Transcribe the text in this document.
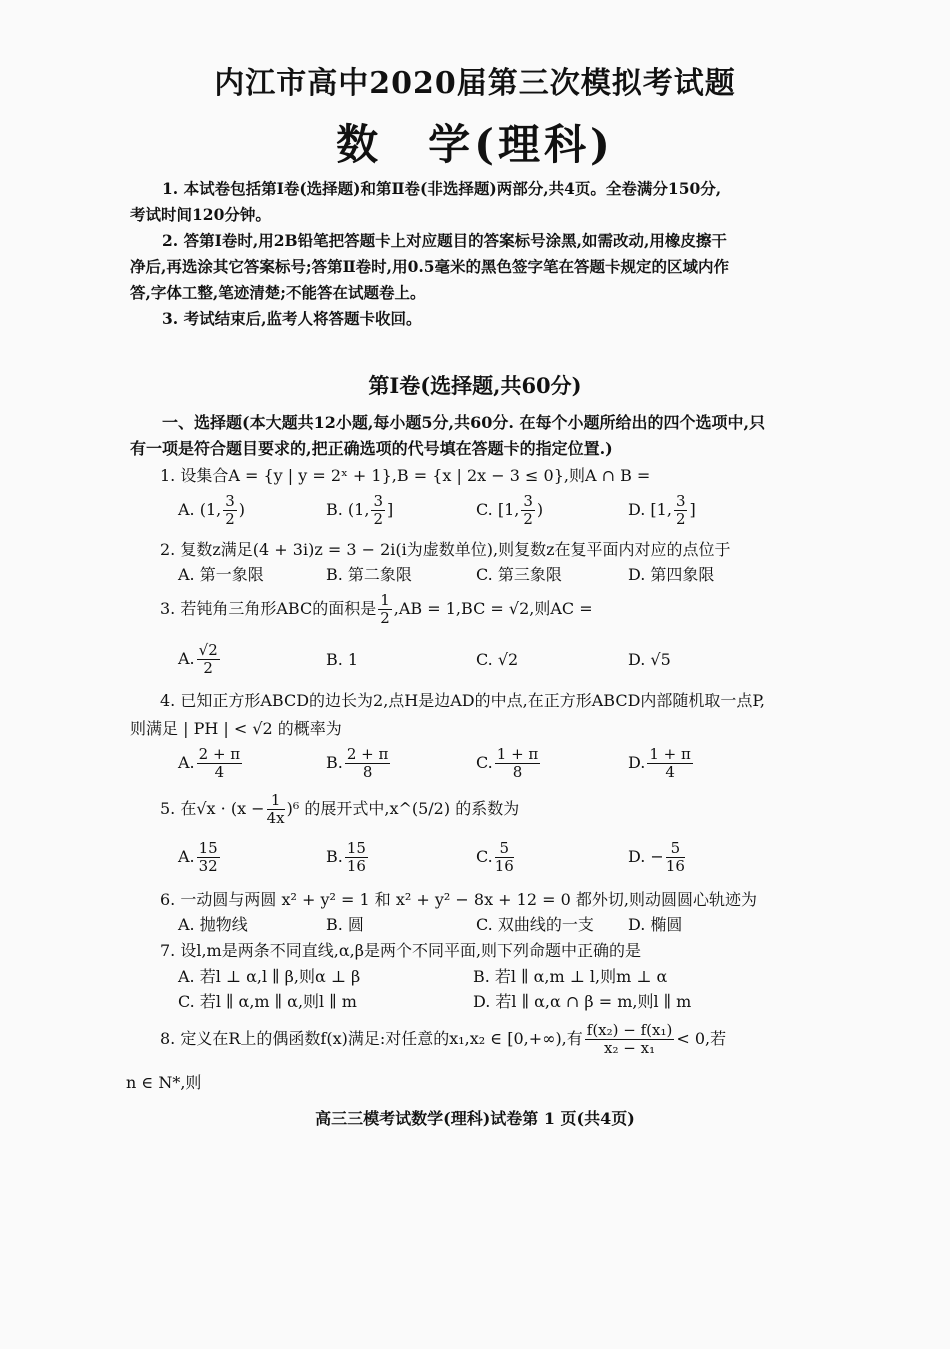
内江市高中2020届第三次模拟考试题
数　学(理科)
1. 本试卷包括第Ⅰ卷(选择题)和第Ⅱ卷(非选择题)两部分,共4页。全卷满分150分,
考试时间120分钟。
2. 答第Ⅰ卷时,用2B铅笔把答题卡上对应题目的答案标号涂黑,如需改动,用橡皮擦干
净后,再选涂其它答案标号;答第Ⅱ卷时,用0.5毫米的黑色签字笔在答题卡规定的区域内作
答,字体工整,笔迹清楚;不能答在试题卷上。
3. 考试结束后,监考人将答题卡收回。
第Ⅰ卷(选择题,共60分)
一、选择题(本大题共12小题,每小题5分,共60分. 在每个小题所给出的四个选项中,只
有一项是符合题目要求的,把正确选项的代号填在答题卡的指定位置.)
1. 设集合A = {y | y = 2ˣ + 1},B = {x | 2x − 3 ≤ 0},则A ∩ B =
A. (1, $\frac{3}{2}$ )	B. (1, $\frac{3}{2}$ ]	C. [1, $\frac{3}{2}$ )	D. [1, $\frac{3}{2}$ ]
2. 复数z满足(4 + 3i)z = 3 − 2i(i为虚数单位),则复数z在复平面内对应的点位于
A. 第一象限	B. 第二象限	C. 第三象限	D. 第四象限
3. 若钝角三角形ABC的面积是 $\frac{1}{2} ,AB = 1,BC = √2$,则AC =
A. $\frac{√2}{2}$	B. 1	C. √2	D. √5
4. 已知正方形ABCD的边长为2,点H是边AD的中点,在正方形ABCD内部随机取一点P,
则满足 | PH | < √2 的概率为
A. $\frac{2 + \pi}{4}$	B. $\frac{2 + \pi}{8}$	C. $\frac{1 + \pi}{8}$	D. $\frac{1 + \pi}{4}$
5. 在$√x \cdot (x - \frac{1}{4x} )^6$ 的展开式中,x^(5/2) 的系数为
A. $\frac{15}{32}$	B. $\frac{15}{16}$	C. $\frac{5}{16}$	D. − $\frac{5}{16}$
6. 一动圆与两圆 x² + y² = 1 和 x² + y² − 8x + 12 = 0 都外切,则动圆圆心轨迹为
A. 抛物线	B. 圆	C. 双曲线的一支 D. 椭圆
7. 设l,m是两条不同直线,α,β是两个不同平面,则下列命题中正确的是
A. 若l ⊥ α,l ∥ β,则α ⊥ β	B. 若l ∥ α,m ⊥ l,则m ⊥ α
C. 若l ∥ α,m ∥ α,则l ∥ m	D. 若l ∥ α,α ∩ β = m,则l ∥ m
8. 定义在R上的偶函数f(x)满足:对任意的x₁,x₂ ∈ [0,+∞),有 $\frac{\text{f(x₂) − f(x₁)}}{\text{x₂ − x₁}} < 0$,若
n ∈ N*,则
高三三模考试数学(理科)试卷第 1 页(共4页)
